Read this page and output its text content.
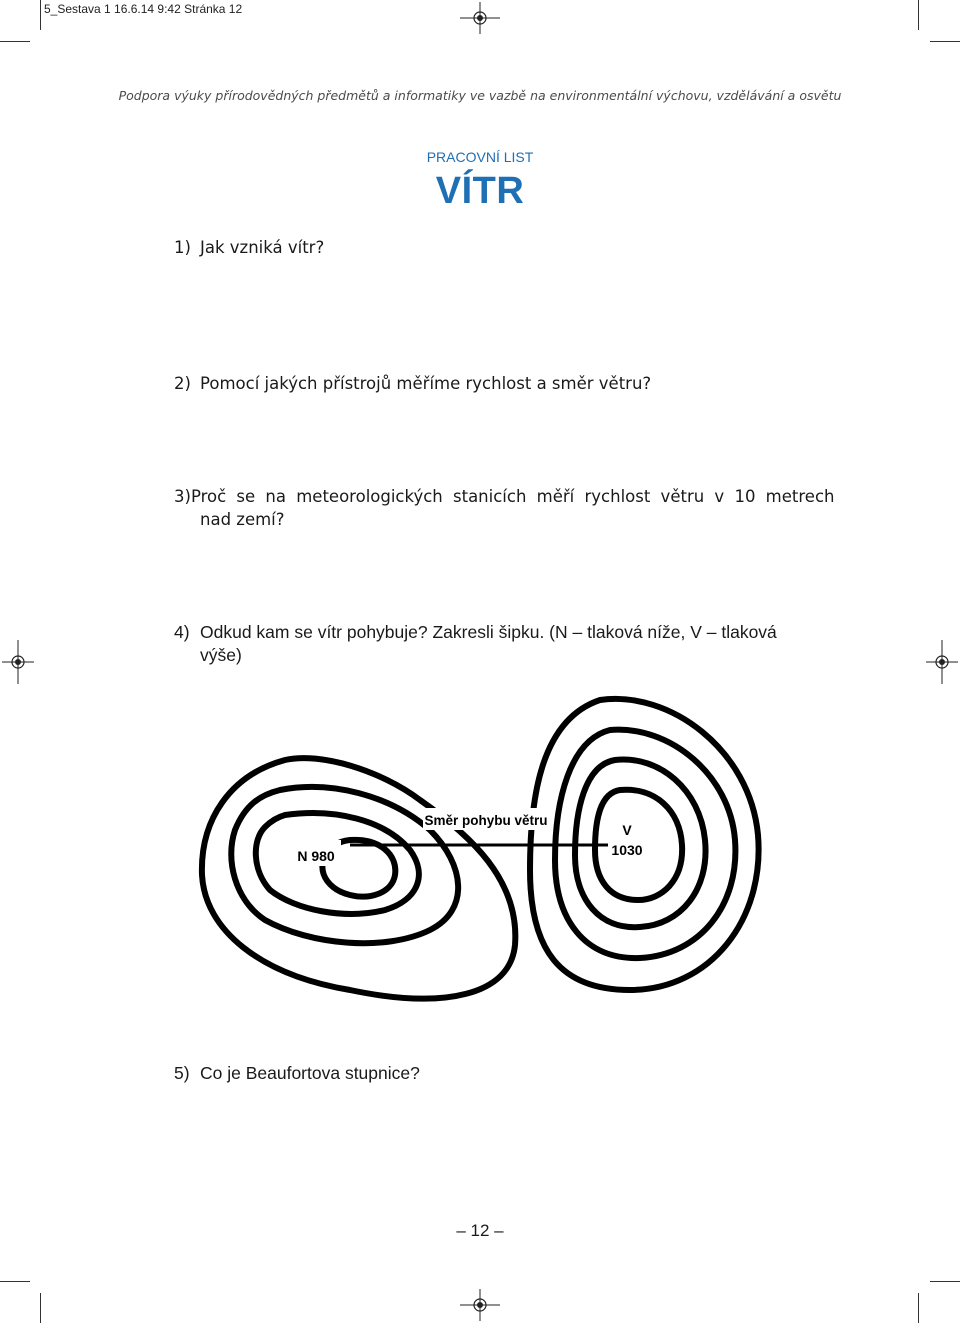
5_Sestava 1 16.6.14 9:42 Stránka 12
Podpora výuky přírodovědných předmětů a informatiky ve vazbě na environmentální výchovu, vzdělávání a osvětu
PRACOVNÍ LIST
VÍTR
1) Jak vzniká vítr?
2) Pomocí jakých přístrojů měříme rychlost a směr větru?
3) Proč se na meteorologických stanicích měří rychlost větru v 10 metrech
nad zemí?
4) Odkud kam se vítr pohybuje? Zakresli šipku. (N – tlaková níže, V – tlaková
výše)
N 980
Směr pohybu větru
V
1030
5) Co je Beaufortova stupnice?
– 12 –
